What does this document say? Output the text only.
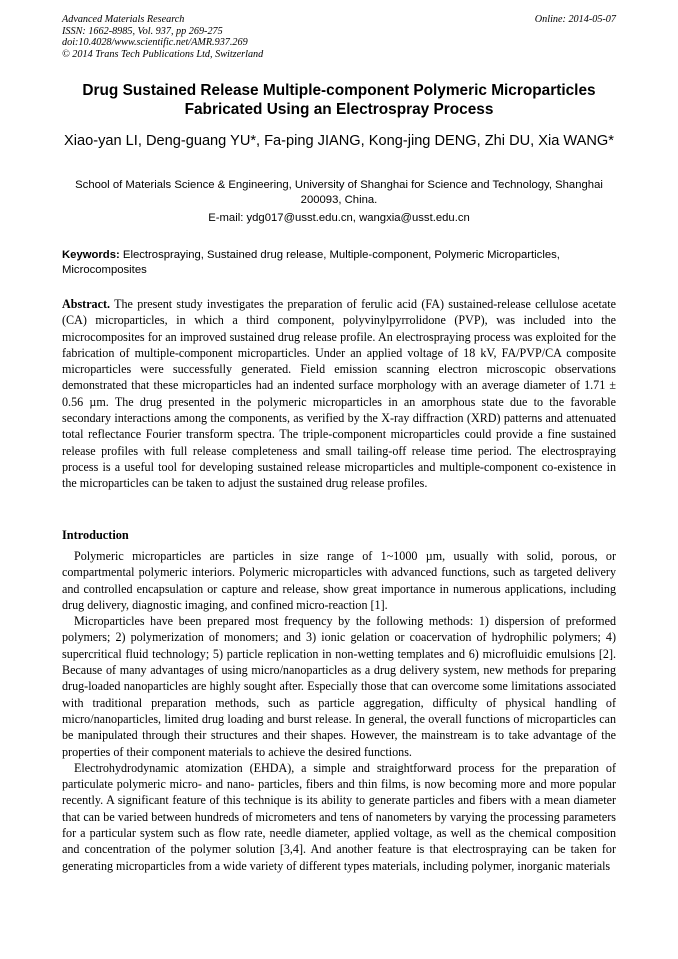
Advanced Materials Research
ISSN: 1662-8985, Vol. 937, pp 269-275
doi:10.4028/www.scientific.net/AMR.937.269
© 2014 Trans Tech Publications Ltd, Switzerland
Online: 2014-05-07
Drug Sustained Release Multiple-component Polymeric Microparticles Fabricated Using an Electrospray Process
Xiao-yan LI, Deng-guang YU*, Fa-ping JIANG, Kong-jing DENG, Zhi DU, Xia WANG*
School of Materials Science & Engineering, University of Shanghai for Science and Technology, Shanghai 200093, China.
E-mail: ydg017@usst.edu.cn, wangxia@usst.edu.cn
Keywords: Electrospraying, Sustained drug release, Multiple-component, Polymeric Microparticles, Microcomposites
Abstract. The present study investigates the preparation of ferulic acid (FA) sustained-release cellulose acetate (CA) microparticles, in which a third component, polyvinylpyrrolidone (PVP), was included into the microcomposites for an improved sustained drug release profile. An electrospraying process was exploited for the fabrication of multiple-component microparticles. Under an applied voltage of 18 kV, FA/PVP/CA composite microparticles were successfully generated. Field emission scanning electron microscopic observations demonstrated that these microparticles had an indented surface morphology with an average diameter of 1.71 ± 0.56 µm. The drug presented in the polymeric microparticles in an amorphous state due to the favorable secondary interactions among the components, as verified by the X-ray diffraction (XRD) patterns and attenuated total reflectance Fourier transform spectra. The triple-component microparticles could provide a fine sustained release profiles with full release completeness and small tailing-off release time period. The electrospraying process is a useful tool for developing sustained release microparticles and multiple-component co-existence in the microparticles can be taken to adjust the sustained drug release profiles.
Introduction

Polymeric microparticles are particles in size range of 1~1000 µm, usually with solid, porous, or compartmental polymeric interiors. Polymeric microparticles with advanced functions, such as targeted delivery and controlled encapsulation or capture and release, show great importance in numerous applications, including drug delivery, diagnostic imaging, and confined micro-reaction [1].

Microparticles have been prepared most frequency by the following methods: 1) dispersion of preformed polymers; 2) polymerization of monomers; and 3) ionic gelation or coacervation of hydrophilic polymers; 4) supercritical fluid technology; 5) particle replication in non-wetting templates and 6) microfluidic emulsions [2]. Because of many advantages of using micro/nanoparticles as a drug delivery system, new methods for preparing drug-loaded nanoparticles are highly sought after. Especially those that can overcome some limitations associated with traditional preparation methods, such as particle aggregation, difficulty of physical handling of micro/nanoparticles, limited drug loading and burst release. In general, the overall functions of microparticles can be manipulated through their structures and their shapes. However, the mainstream is to take advantage of the properties of their component materials to achieve the desired functions.

Electrohydrodynamic atomization (EHDA), a simple and straightforward process for the preparation of particulate polymeric micro- and nano- particles, fibers and thin films, is now becoming more and more popular recently. A significant feature of this technique is its ability to generate particles and fibers with a mean diameter that can be varied between hundreds of micrometers and tens of nanometers by varying the processing parameters for a particular system such as flow rate, needle diameter, applied voltage, as well as the chemical composition and concentration of the polymer solution [3,4]. And another feature is that electrospraying can be taken for generating microparticles from a wide variety of different types materials, including polymer, inorganic materials
